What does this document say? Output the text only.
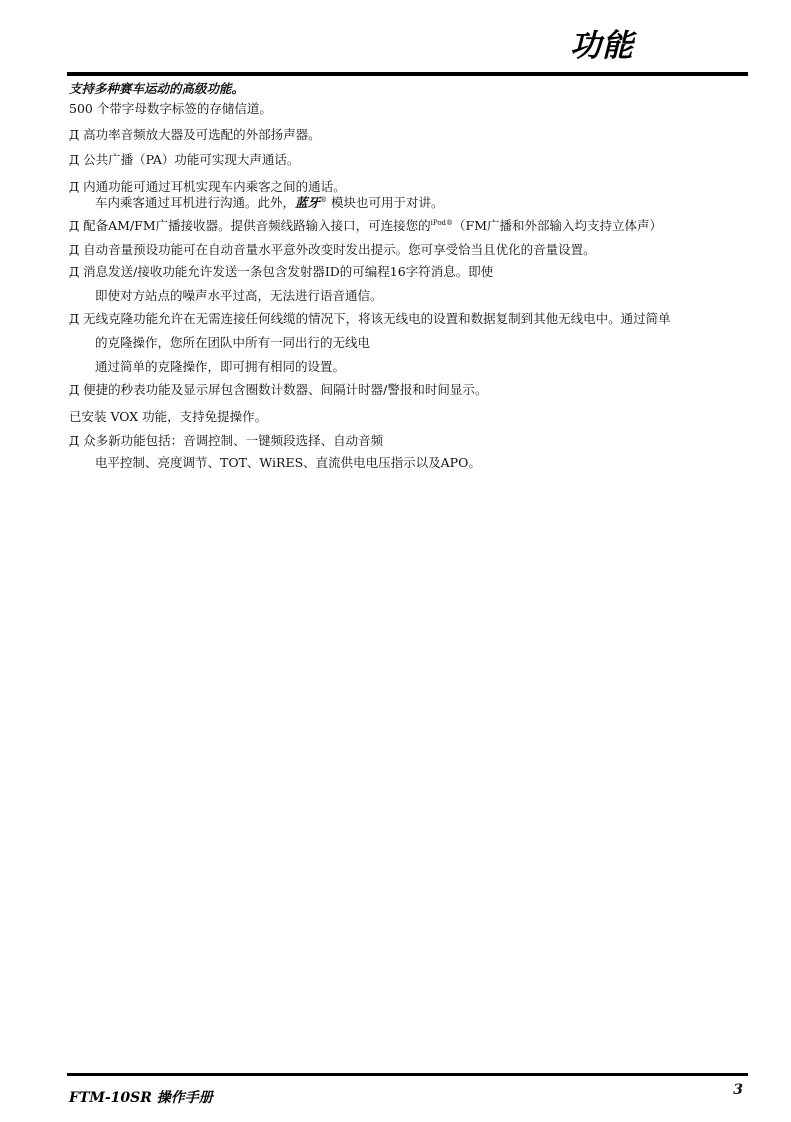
功能

支持多种赛车运动的高级功能。

500 个带字母数字标签的存储信道。

Д 高功率音频放大器及可选配的外部扬声器。

Д 公共广播（PA）功能可实现大声通话。

Д 内通功能可通过耳机实现车内乘客之间的通话。

车内乘客通过耳机进行沟通。此外，蓝牙® 模块也可用于对讲。

Д 配备AM/FM广播接收器。提供音频线路输入接口，可连接您的$^{iPod®}$（FM广播和外部输入均支持立体声）

Д 自动音量预设功能可在自动音量水平意外改变时发出提示。您可享受恰当且优化的音量设置。

Д 消息发送/接收功能允许发送一条包含发射器ID的可编程16字符消息。即使

即使对方站点的噪声水平过高，无法进行语音通信。

Д 无线克隆功能允许在无需连接任何线缆的情况下，将该无线电的设置和数据复制到其他无线电中。通过简单

的克隆操作，您所在团队中所有一同出行的无线电

通过简单的克隆操作，即可拥有相同的设置。

Д 便捷的秒表功能及显示屏包含圈数计数器、间隔计时器/警报和时间显示。

已安装 VOX 功能，支持免提操作。

Д 众多新功能包括：音调控制、一键频段选择、自动音频

电平控制、亮度调节、TOT、WiRES、直流供电电压指示以及APO。

FTM-10SR 操作手册	3
